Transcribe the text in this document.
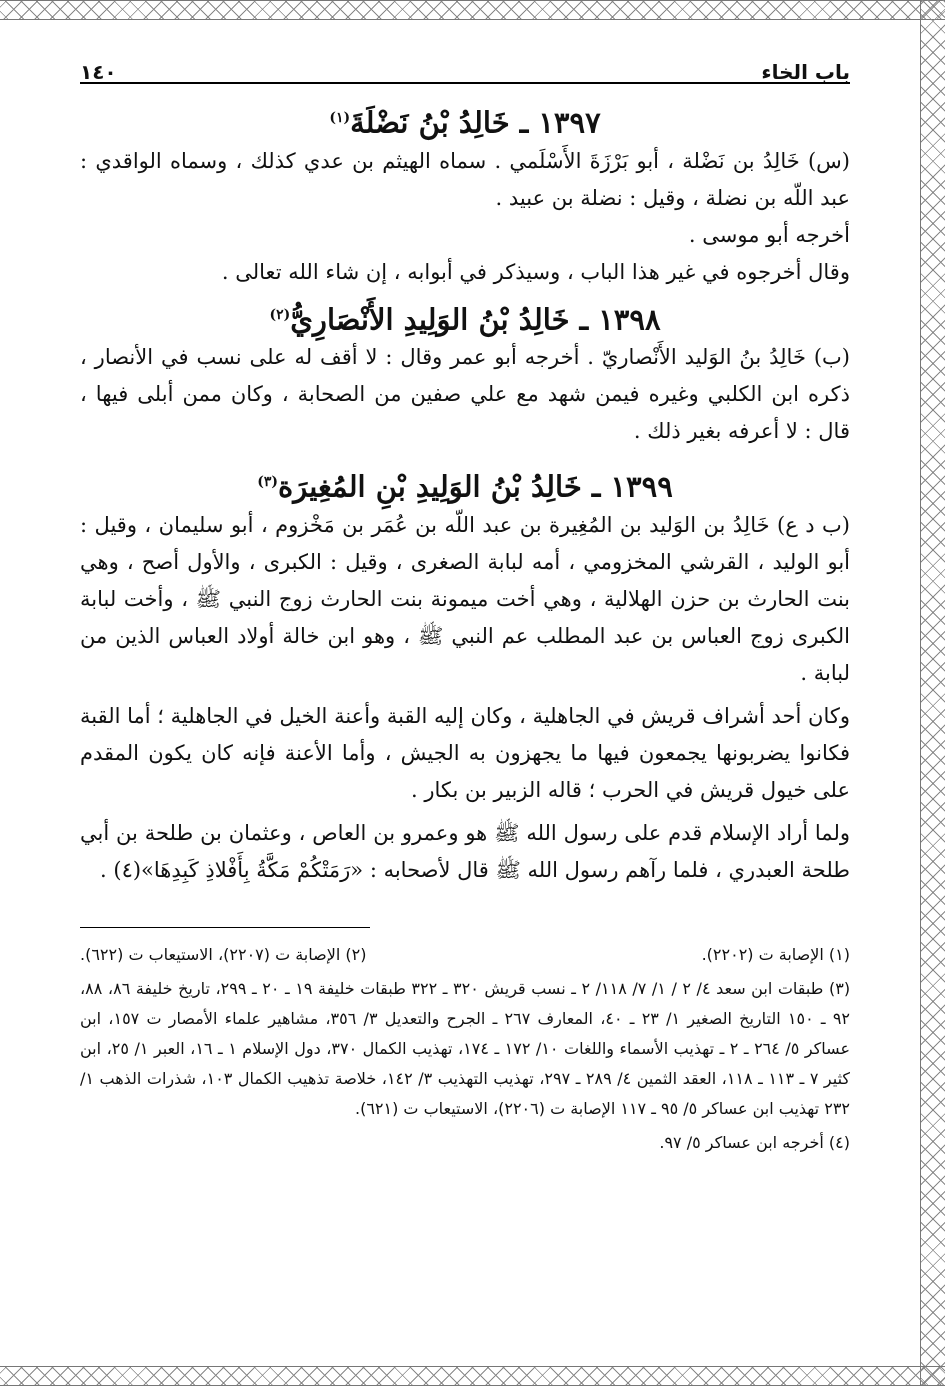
باب الخاء
١٤٠
١٣٩٧ ـ خَالِدُ بْنُ نَضْلَةَ$^{(١)}$

(س) خَالِدُ بن نَضْلة ، أبو بَرْزَةَ الأَسْلَمي . سماه الهيثم بن عدي كذلك ، وسماه الواقدي : عبد اللّه بن نضلة ، وقيل : نضلة بن عبيد .

أخرجه أبو موسى .

وقال أخرجوه في غير هذا الباب ، وسيذكر في أبوابه ، إن شاء الله تعالى .

١٣٩٨ ـ خَالِدُ بْنُ الوَلِيدِ الأَنْصَارِيُّ$^{(٢)}$

(ب) خَالِدُ بنُ الوَليد الأَنْصاريّ . أخرجه أبو عمر وقال : لا أقف له على نسب في الأنصار ، ذكره ابن الكلبي وغيره فيمن شهد مع علي صفين من الصحابة ، وكان ممن أبلى فيها ، قال : لا أعرفه بغير ذلك .

١٣٩٩ ـ خَالِدُ بْنُ الوَلِيدِ بْنِ المُغِيرَة$^{(٣)}$

(ب د ع) خَالِدُ بن الوَليد بن المُغِيرة بن عبد اللّه بن عُمَر بن مَخْزوم ، أبو سليمان ، وقيل : أبو الوليد ، القرشي المخزومي ، أمه لبابة الصغرى ، وقيل : الكبرى ، والأول أصح ، وهي بنت الحارث بن حزن الهلالية ، وهي أخت ميمونة بنت الحارث زوج النبي ﷺ ، وأخت لبابة الكبرى زوج العباس بن عبد المطلب عم النبي ﷺ ، وهو ابن خالة أولاد العباس الذين من لبابة .

وكان أحد أشراف قريش في الجاهلية ، وكان إليه القبة وأعنة الخيل في الجاهلية ؛ أما القبة فكانوا يضربونها يجمعون فيها ما يجهزون به الجيش ، وأما الأعنة فإنه كان يكون المقدم على خيول قريش في الحرب ؛ قاله الزبير بن بكار .

ولما أراد الإسلام قدم على رسول الله ﷺ هو وعمرو بن العاص ، وعثمان بن طلحة بن أبي طلحة العبدري ، فلما رآهم رسول الله ﷺ قال لأصحابه : «رَمَتْكُمْ مَكَّةُ بِأَفْلاذِ كَبِدِهَا»(٤) .

(١) الإصابة ت (٢٢٠٢).
(٢) الإصابة ت (٢٢٠٧)، الاستيعاب ت (٦٢٢).

(٣) طبقات ابن سعد ٤/ ٢ / ١/ ٧/ ١١٨/ ٢ ـ نسب قريش ٣٢٠ ـ ٣٢٢ طبقات خليفة ١٩ ـ ٢٠ ـ ٢٩٩، تاريخ خليفة ٨٦، ٨٨، ٩٢ ـ ١٥٠ التاريخ الصغير ١/ ٢٣ ـ ٤٠، المعارف ٢٦٧ ـ الجرح والتعديل ٣/ ٣٥٦، مشاهير علماء الأمصار ت ١٥٧، ابن عساكر ٥/ ٢٦٤ ـ ٢ ـ تهذيب الأسماء واللغات ١٠/ ١٧٢ ـ ١٧٤، تهذيب الكمال ٣٧٠، دول الإسلام ١ ـ ١٦، العبر ١/ ٢٥، ابن كثير ٧ ـ ١١٣ ـ ١١٨، العقد الثمين ٤/ ٢٨٩ ـ ٢٩٧، تهذيب التهذيب ٣/ ١٤٢، خلاصة تذهيب الكمال ١٠٣، شذرات الذهب ١/ ٢٣٢ تهذيب ابن عساكر ٥/ ٩٥ ـ ١١٧ الإصابة ت (٢٢٠٦)، الاستيعاب ت (٦٢١).

(٤) أخرجه ابن عساكر ٥/ ٩٧.
